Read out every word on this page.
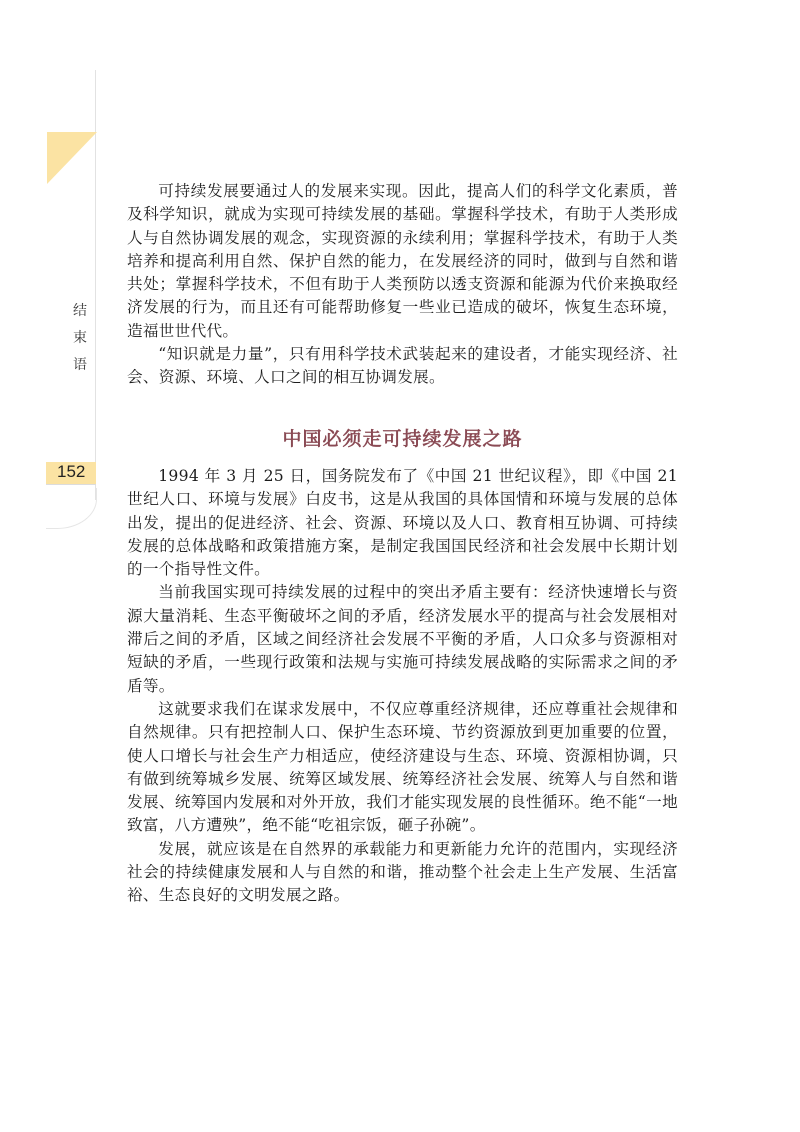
结
束
语
152

可持续发展要通过人的发展来实现。因此，提高人们的科学文化素质，普及科学知识，就成为实现可持续发展的基础。掌握科学技术，有助于人类形成人与自然协调发展的观念，实现资源的永续利用；掌握科学技术，有助于人类培养和提高利用自然、保护自然的能力，在发展经济的同时，做到与自然和谐共处；掌握科学技术，不但有助于人类预防以透支资源和能源为代价来换取经济发展的行为，而且还有可能帮助修复一些业已造成的破坏，恢复生态环境，造福世世代代。

“知识就是力量”，只有用科学技术武装起来的建设者，才能实现经济、社会、资源、环境、人口之间的相互协调发展。

中国必须走可持续发展之路

1994 年 3 月 25 日，国务院发布了《中国 21 世纪议程》，即《中国 21 世纪人口、环境与发展》白皮书，这是从我国的具体国情和环境与发展的总体出发，提出的促进经济、社会、资源、环境以及人口、教育相互协调、可持续发展的总体战略和政策措施方案，是制定我国国民经济和社会发展中长期计划的一个指导性文件。

当前我国实现可持续发展的过程中的突出矛盾主要有：经济快速增长与资源大量消耗、生态平衡破坏之间的矛盾，经济发展水平的提高与社会发展相对滞后之间的矛盾，区域之间经济社会发展不平衡的矛盾，人口众多与资源相对短缺的矛盾，一些现行政策和法规与实施可持续发展战略的实际需求之间的矛盾等。

这就要求我们在谋求发展中，不仅应尊重经济规律，还应尊重社会规律和自然规律。只有把控制人口、保护生态环境、节约资源放到更加重要的位置，使人口增长与社会生产力相适应，使经济建设与生态、环境、资源相协调，只有做到统筹城乡发展、统筹区域发展、统筹经济社会发展、统筹人与自然和谐发展、统筹国内发展和对外开放，我们才能实现发展的良性循环。绝不能“一地致富，八方遭殃”，绝不能“吃祖宗饭，砸子孙碗”。

发展，就应该是在自然界的承载能力和更新能力允许的范围内，实现经济社会的持续健康发展和人与自然的和谐，推动整个社会走上生产发展、生活富裕、生态良好的文明发展之路。
